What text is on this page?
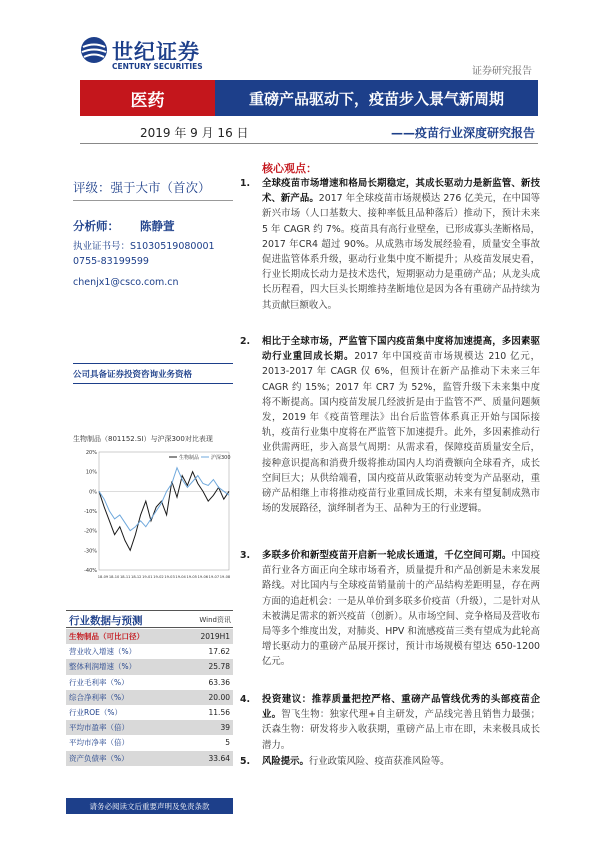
世纪证券
CENTURY SECURITIES	证券研究报告
医药	重磅产品驱动下，疫苗步入景气新周期
2019 年 9 月 16 日	——疫苗行业深度研究报告
评级：强于大市（首次）
分析师： 陈静萱
执业证书号：S1030519080001
0755-83199599
chenjx1@csco.com.cn
公司具备证券投资咨询业务资格
生物制品（801152.SI）与沪深300对比表现
20%
10%
0%
-10%
-20%
-30%
-40%
18-09 18-10 18-11 18-12 19-01 19-02 19-03 19-04 19-05 19-06 19-07 19-08
生物制品 沪深300
行业数据与预测	Wind资讯
生物制品（可比口径）	2019H1
营业收入增速（%）	17.62
整体利润增速（%）	25.78
行业毛利率（%）	63.36
综合净利率（%）	20.00
行业ROE（%）	11.56
平均市盈率（倍）	39
平均市净率（倍）	5
资产负债率（%）	33.64
请务必阅读文后重要声明及免责条款
核心观点：
1. 全球疫苗市场增速和格局长期稳定，其成长驱动力是新监管、新技术、新产品。2017 年全球疫苗市场规模达 276 亿美元，在中国等新兴市场（人口基数大、接种率低且品种落后）推动下，预计未来 5 年 CAGR 约 7%。疫苗具有高行业壁垒，已形成寡头垄断格局，2017 年CR4 超过 90%。从成熟市场发展经验看，质量安全事故促进监管体系升级，驱动行业集中度不断提升；从疫苗发展史看，行业长期成长动力是技术迭代，短期驱动力是重磅产品；从龙头成长历程看，四大巨头长期维持垄断地位是因为各有重磅产品持续为其贡献巨额收入。
2. 相比于全球市场，严监管下国内疫苗集中度将加速提高，多因素驱动行业重回成长期。2017 年中国疫苗市场规模达 210 亿元，2013-2017 年 CAGR 仅 6%，但预计在新产品推动下未来三年 CAGR 约 15%；2017 年 CR7 为 52%，监管升级下未来集中度将不断提高。国内疫苗发展几经波折是由于监管不严、质量问题频发，2019 年《疫苗管理法》出台后监管体系真正开始与国际接轨，疫苗行业集中度将在严监管下加速提升。此外，多因素推动行业供需两旺，步入高景气周期：从需求看，保障疫苗质量安全后，接种意识提高和消费升级将推动国内人均消费额向全球看齐，成长空间巨大；从供给端看，国内疫苗从政策驱动转变为产品驱动，重磅产品相继上市将推动疫苗行业重回成长期，未来有望复制成熟市场的发展路径，演绎制者为王、品种为王的行业逻辑。
3. 多联多价和新型疫苗开启新一轮成长通道，千亿空间可期。中国疫苗行业各方面正向全球市场看齐，质量提升和产品创新是未来发展路线。对比国内与全球疫苗销量前十的产品结构差距明显，存在两方面的追赶机会：一是从单价到多联多价疫苗（升级），二是针对从未被满足需求的新兴疫苗（创新）。从市场空间、竞争格局及营收布局等多个维度出发，对肺炎、HPV 和流感疫苗三类有望成为此轮高增长驱动力的重磅产品展开探讨，预计市场规模有望达 650-1200 亿元。
4. 投资建议：推荐质量把控严格、重磅产品管线优秀的头部疫苗企业。智飞生物：独家代理+自主研发，产品线完善且销售力最强；沃森生物：研发将步入收获期，重磅产品上市在即，未来极具成长潜力。
5. 风险提示。行业政策风险、疫苗获准风险等。
